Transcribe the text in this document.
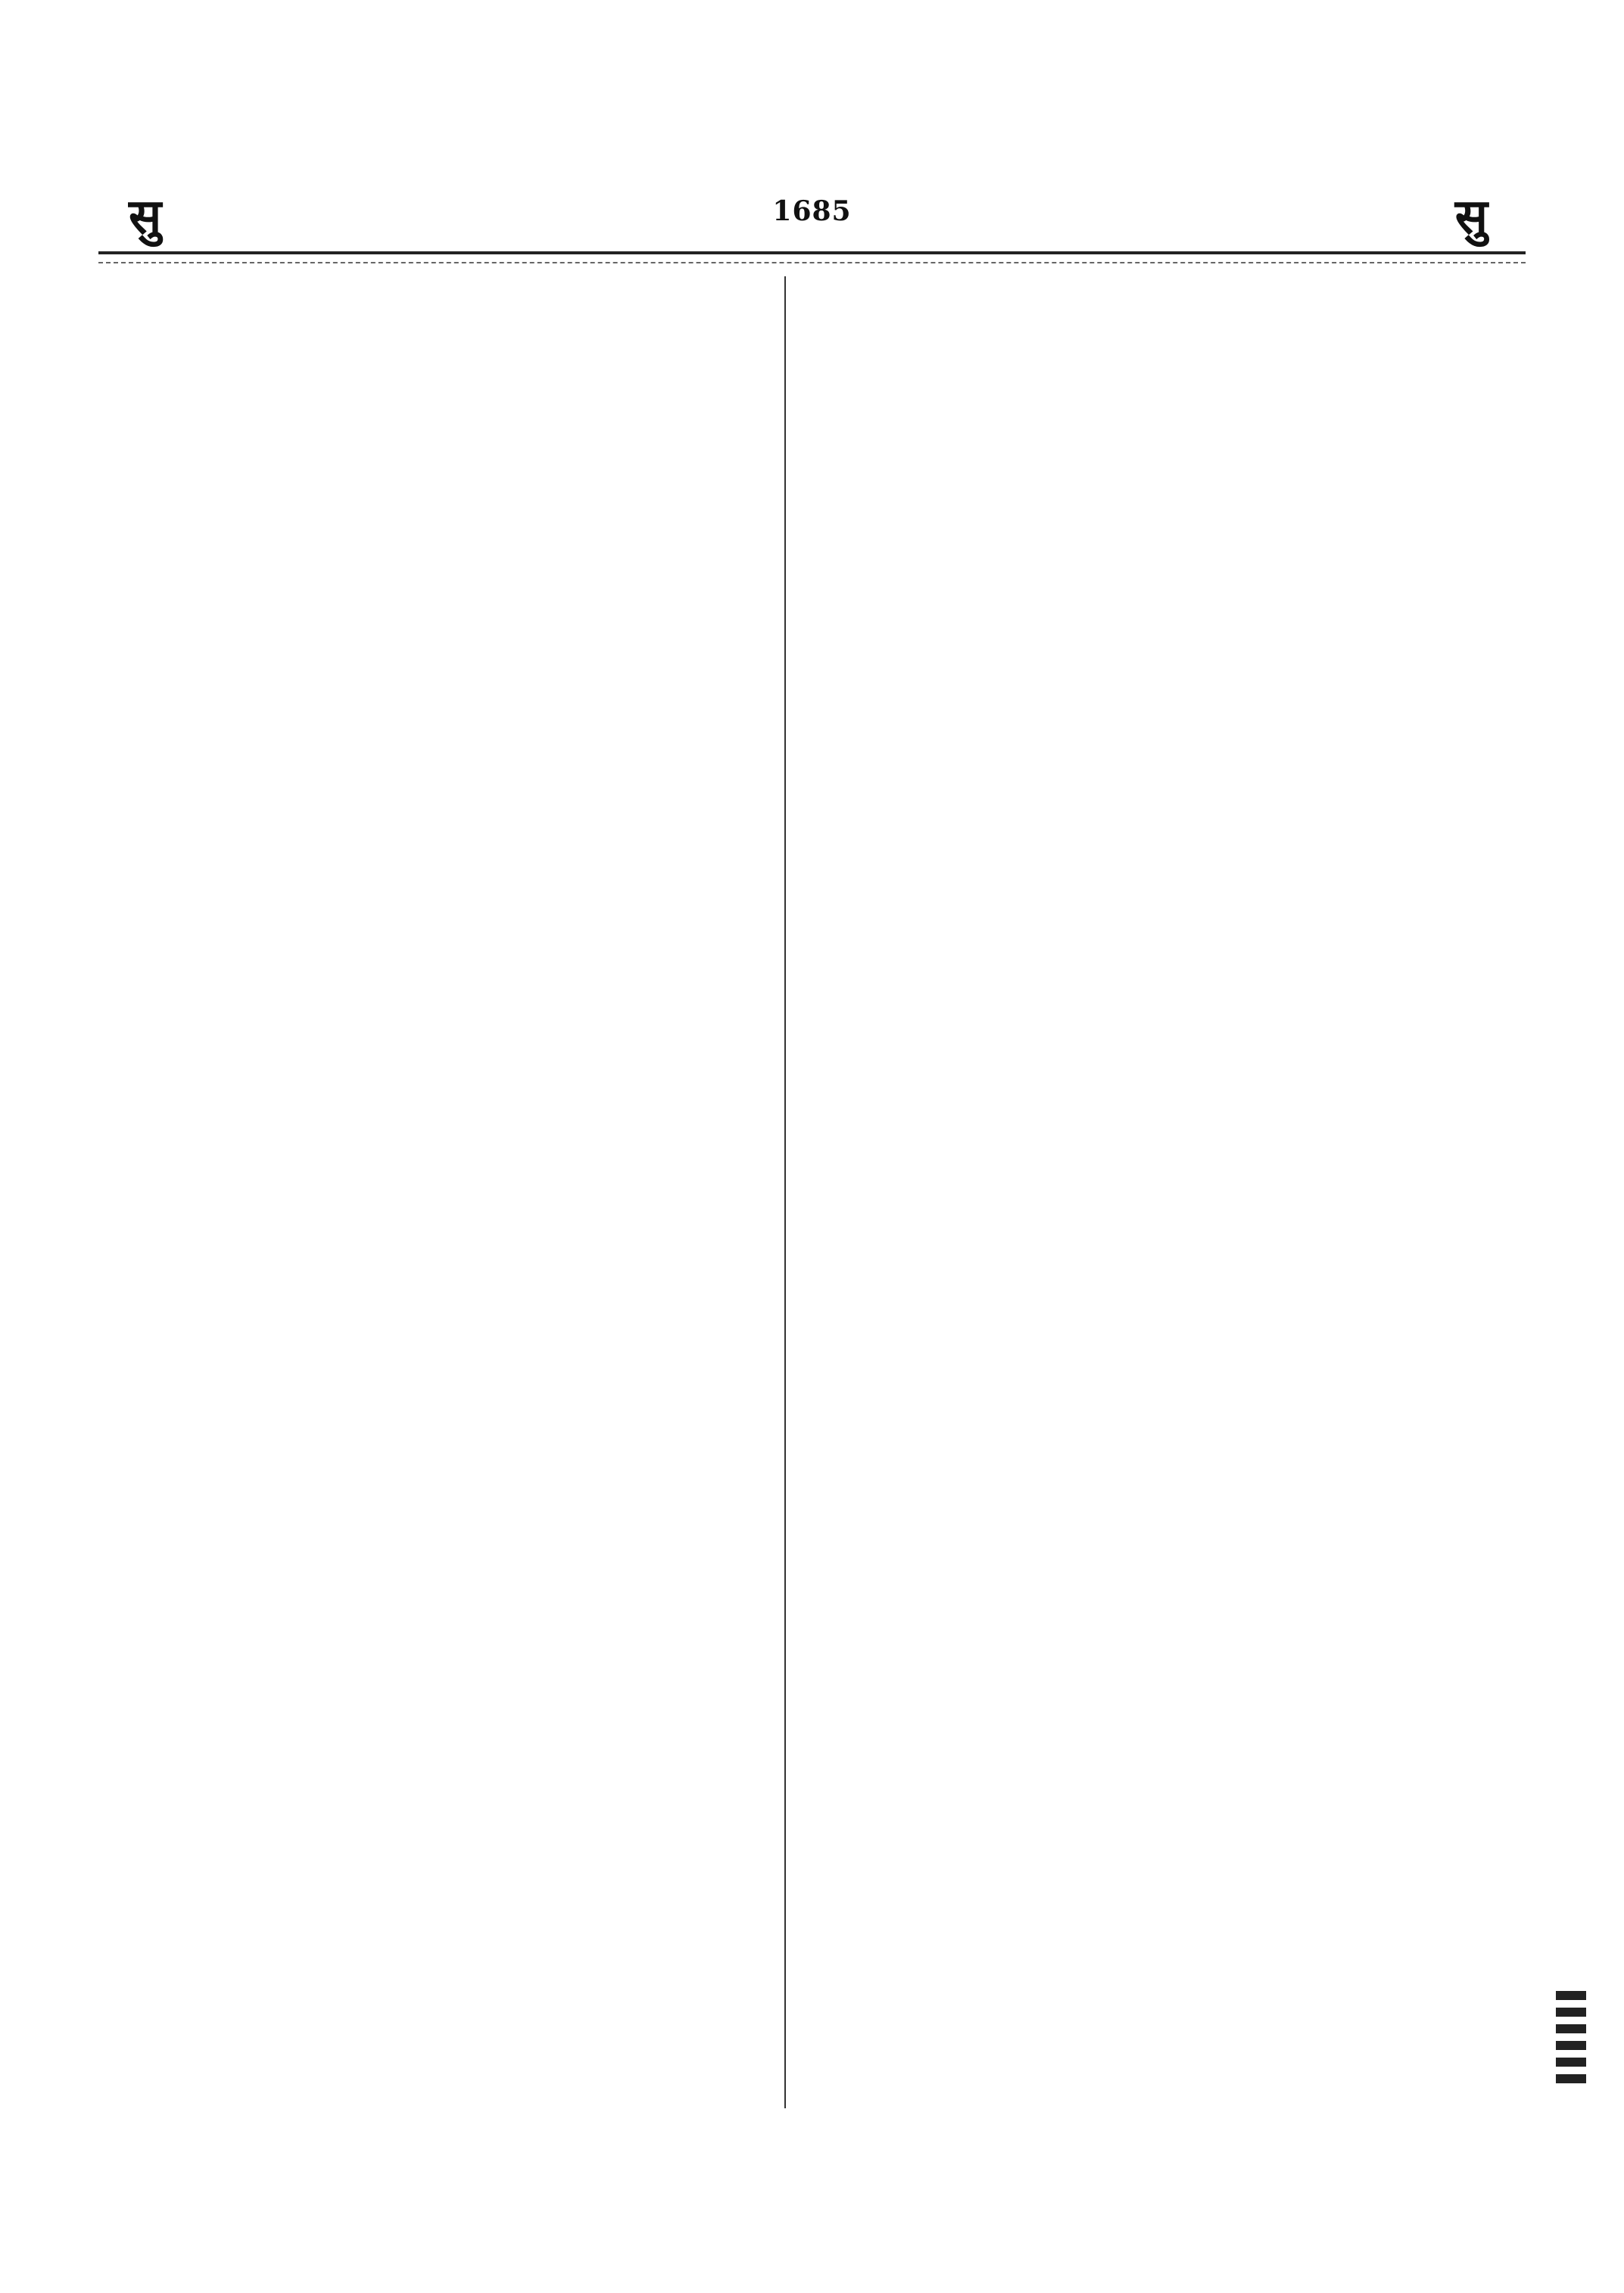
सु	1685	सु
